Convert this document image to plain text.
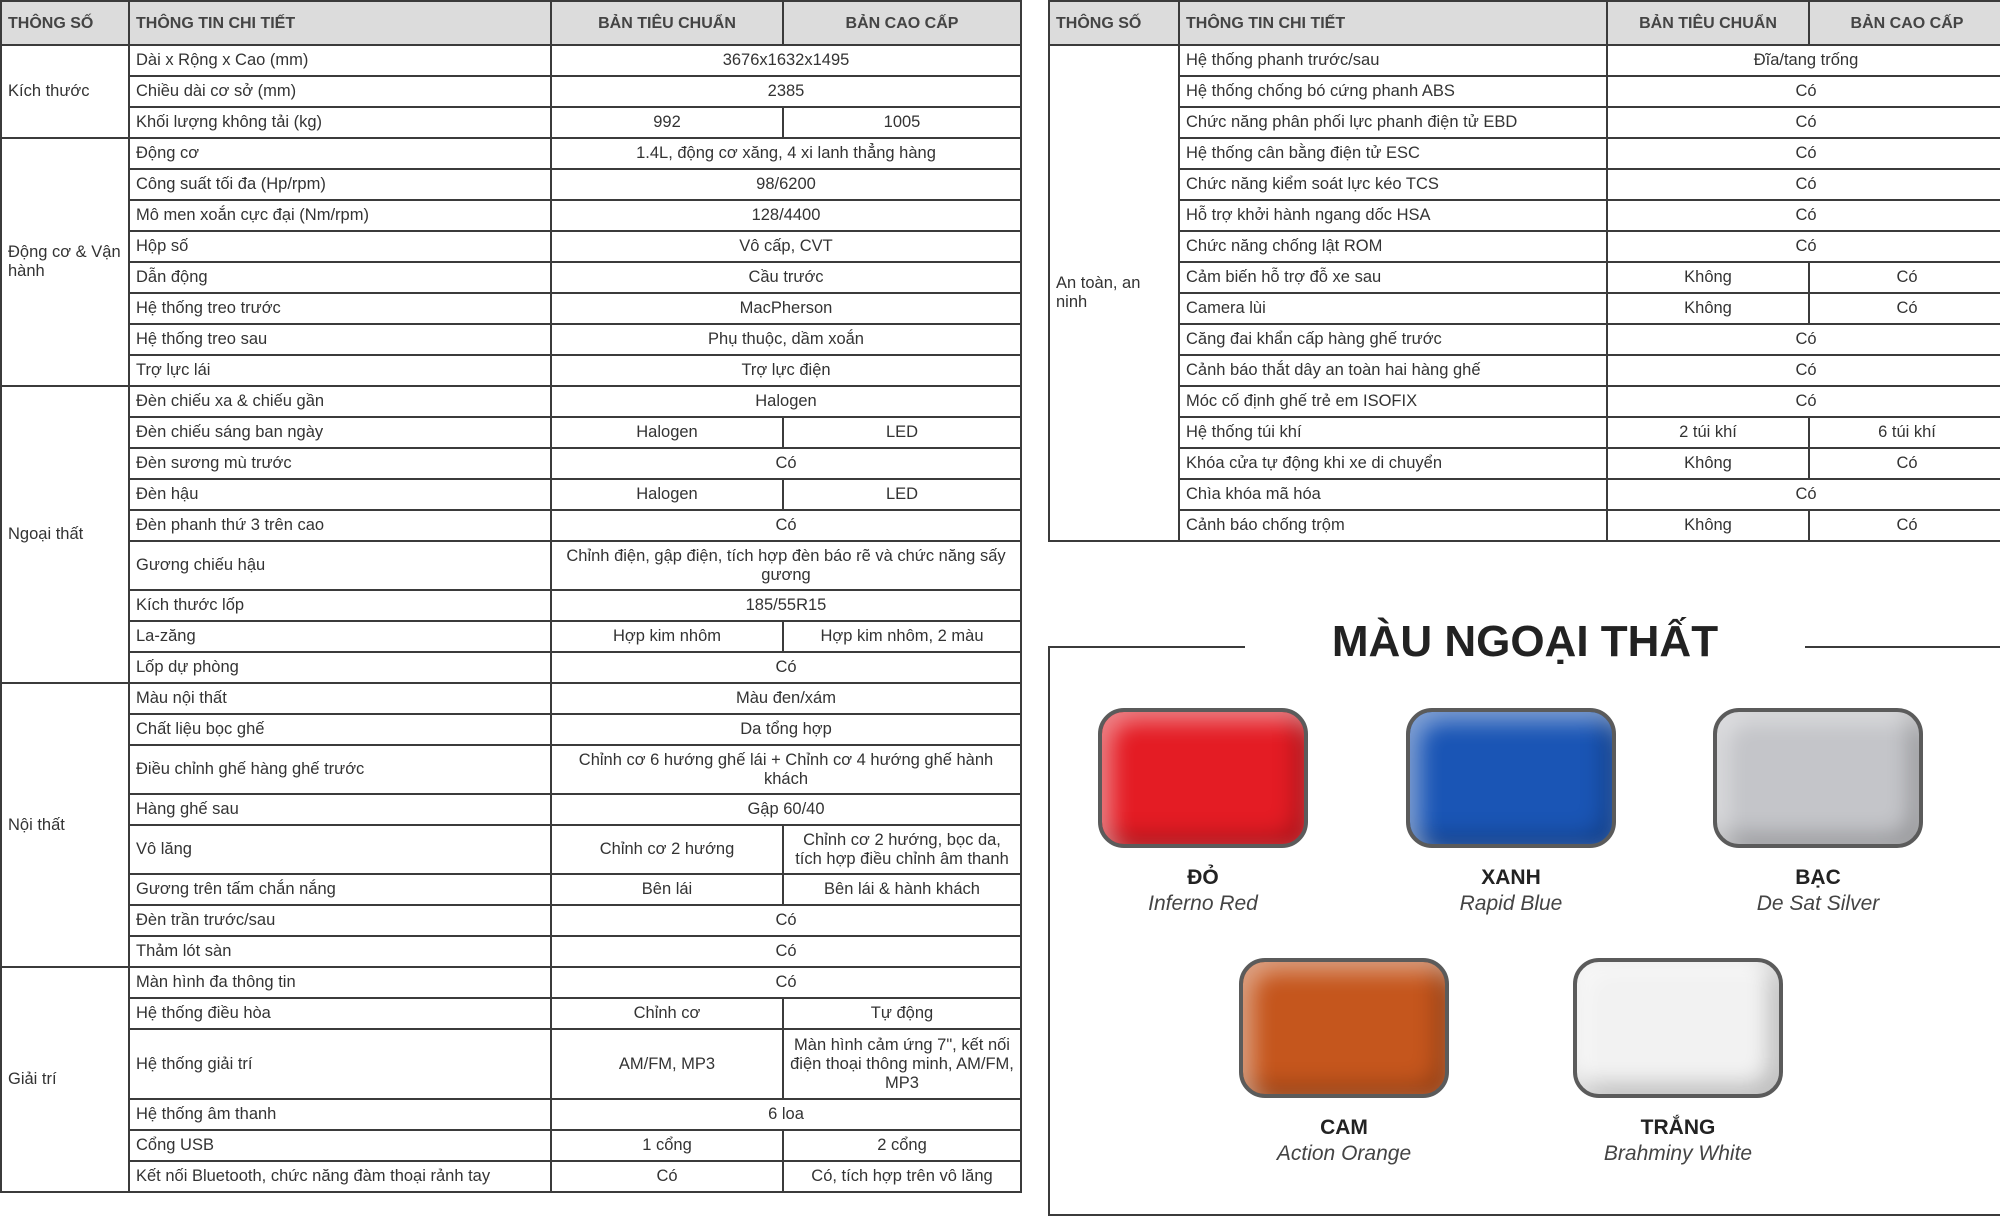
THÔNG SỐ	THÔNG TIN CHI TIẾT	BẢN TIÊU CHUẨN	BẢN CAO CẤP
Kích thước	Dài x Rộng x Cao (mm)	3676x1632x1495	
	Chiều dài cơ sở (mm)	2385	
	Khối lượng không tải (kg)	992	1005
Động cơ & Vận hành	Động cơ	1.4L, động cơ xăng, 4 xi lanh thẳng hàng	
	Công suất tối đa (Hp/rpm)	98/6200	
	Mô men xoắn cực đại (Nm/rpm)	128/4400	
	Hộp số	Vô cấp, CVT	
	Dẫn động	Cầu trước	
	Hệ thống treo trước	MacPherson	
	Hệ thống treo sau	Phụ thuộc, dầm xoắn	
	Trợ lực lái	Trợ lực điện	
Ngoại thất	Đèn chiếu xa & chiếu gần	Halogen	
	Đèn chiếu sáng ban ngày	Halogen	LED
	Đèn sương mù trước	Có	
	Đèn hậu	Halogen	LED
	Đèn phanh thứ 3 trên cao	Có	
	Gương chiếu hậu	Chỉnh điện, gập điện, tích hợp đèn báo rẽ và chức năng sấy gương	
	Kích thước lốp	185/55R15	
	La-zăng	Hợp kim nhôm	Hợp kim nhôm, 2 màu
	Lốp dự phòng	Có	
Nội thất	Màu nội thất	Màu đen/xám	
	Chất liệu bọc ghế	Da tổng hợp	
	Điều chỉnh ghế hàng ghế trước	Chỉnh cơ 6 hướng ghế lái + Chỉnh cơ 4 hướng ghế hành khách	
	Hàng ghế sau	Gập 60/40	
	Vô lăng	Chỉnh cơ 2 hướng	Chỉnh cơ 2 hướng, bọc da, tích hợp điều chỉnh âm thanh
	Gương trên tấm chắn nắng	Bên lái	Bên lái & hành khách
	Đèn trần trước/sau	Có	
	Thảm lót sàn	Có	
Giải trí	Màn hình đa thông tin	Có	
	Hệ thống điều hòa	Chỉnh cơ	Tự động
	Hệ thống giải trí	AM/FM, MP3	Màn hình cảm ứng 7", kết nối điện thoại thông minh, AM/FM, MP3
	Hệ thống âm thanh	6 loa	
	Cổng USB	1 cổng	2 cổng
	Kết nối Bluetooth, chức năng đàm thoại rảnh tay	Có	Có, tích hợp trên vô lăng
THÔNG SỐ	THÔNG TIN CHI TIẾT	BẢN TIÊU CHUẨN	BẢN CAO CẤP
An toàn, an ninh	Hệ thống phanh trước/sau	Đĩa/tang trống	
	Hệ thống chống bó cứng phanh ABS	Có	
	Chức năng phân phối lực phanh điện tử EBD	Có	
	Hệ thống cân bằng điện tử ESC	Có	
	Chức năng kiểm soát lực kéo TCS	Có	
	Hỗ trợ khởi hành ngang dốc HSA	Có	
	Chức năng chống lật ROM	Có	
	Cảm biến hỗ trợ đỗ xe sau	Không	Có
	Camera lùi	Không	Có
	Căng đai khẩn cấp hàng ghế trước	Có	
	Cảnh báo thắt dây an toàn hai hàng ghế	Có	
	Móc cố định ghế trẻ em ISOFIX	Có	
	Hệ thống túi khí	2 túi khí	6 túi khí
	Khóa cửa tự động khi xe di chuyển	Không	Có
	Chìa khóa mã hóa	Có	
	Cảnh báo chống trộm	Không	Có
MÀU NGOẠI THẤT
ĐỎ
Inferno Red
XANH
Rapid Blue
BẠC
De Sat Silver
CAM
Action Orange
TRẮNG
Brahminy White
